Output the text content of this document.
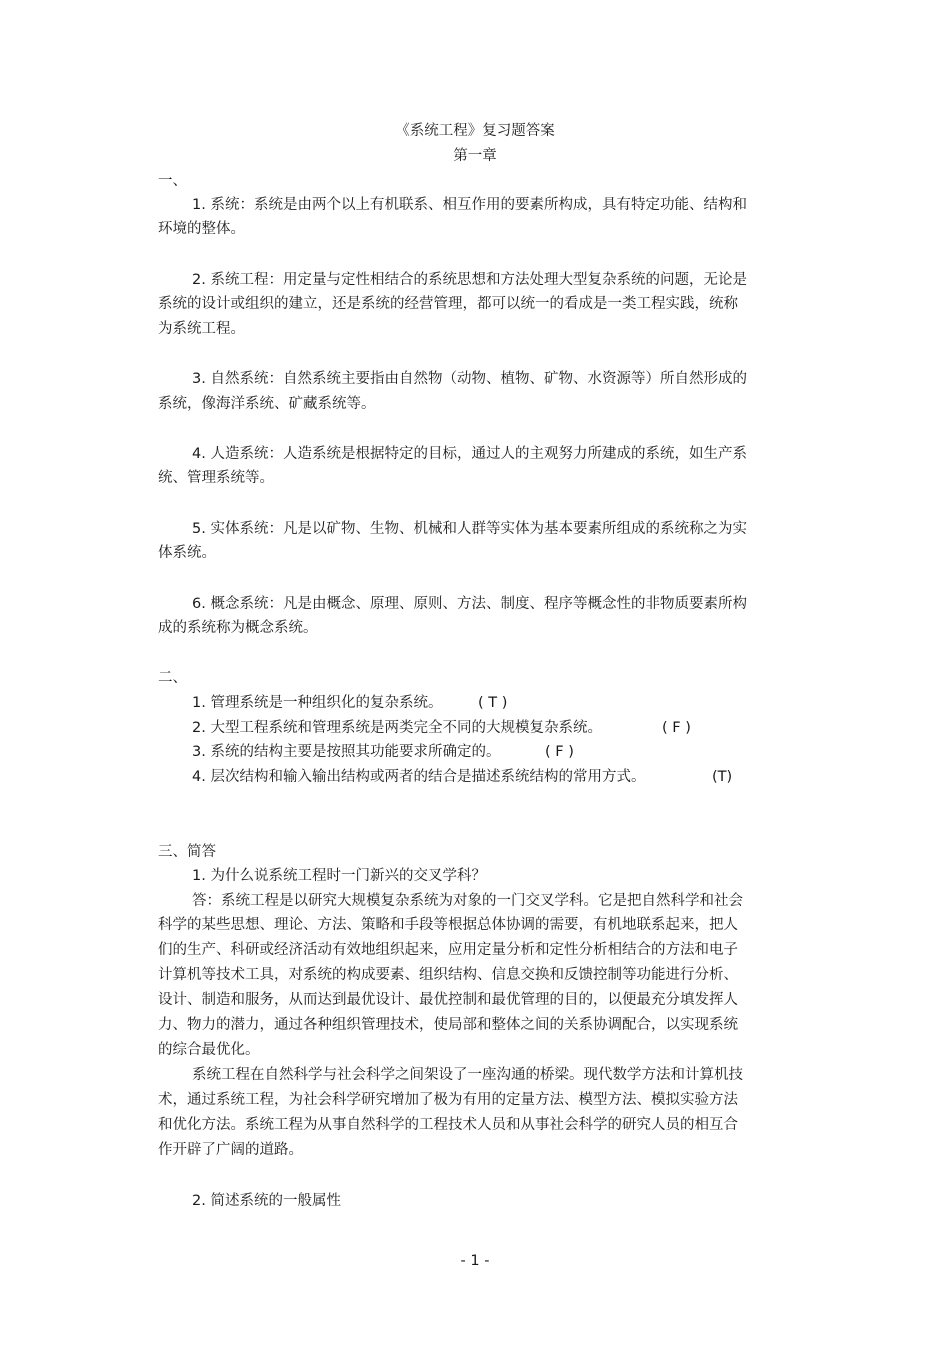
《系统工程》复习题答案
第一章
一、
1. 系统：系统是由两个以上有机联系、相互作用的要素所构成，具有特定功能、结构和
环境的整体。
2. 系统工程：用定量与定性相结合的系统思想和方法处理大型复杂系统的问题，无论是
系统的设计或组织的建立，还是系统的经营管理，都可以统一的看成是一类工程实践，统称
为系统工程。
3. 自然系统：自然系统主要指由自然物（动物、植物、矿物、水资源等）所自然形成的
系统，像海洋系统、矿藏系统等。
4. 人造系统：人造系统是根据特定的目标，通过人的主观努力所建成的系统，如生产系
统、管理系统等。
5. 实体系统：凡是以矿物、生物、机械和人群等实体为基本要素所组成的系统称之为实
体系统。
6. 概念系统：凡是由概念、原理、原则、方法、制度、程序等概念性的非物质要素所构
成的系统称为概念系统。
二、
1. 管理系统是一种组织化的复杂系统。 ( T )
2. 大型工程系统和管理系统是两类完全不同的大规模复杂系统。	( F )
3. 系统的结构主要是按照其功能要求所确定的。	( F )
4. 层次结构和输入输出结构或两者的结合是描述系统结构的常用方式。	(T)
三、简答
1. 为什么说系统工程时一门新兴的交叉学科？
答：系统工程是以研究大规模复杂系统为对象的一门交叉学科。它是把自然科学和社会
科学的某些思想、理论、方法、策略和手段等根据总体协调的需要，有机地联系起来，把人
们的生产、科研或经济活动有效地组织起来，应用定量分析和定性分析相结合的方法和电子
计算机等技术工具，对系统的构成要素、组织结构、信息交换和反馈控制等功能进行分析、
设计、制造和服务，从而达到最优设计、最优控制和最优管理的目的，以便最充分填发挥人
力、物力的潜力，通过各种组织管理技术，使局部和整体之间的关系协调配合，以实现系统
的综合最优化。
系统工程在自然科学与社会科学之间架设了一座沟通的桥梁。现代数学方法和计算机技
术，通过系统工程，为社会科学研究增加了极为有用的定量方法、模型方法、模拟实验方法
和优化方法。系统工程为从事自然科学的工程技术人员和从事社会科学的研究人员的相互合
作开辟了广阔的道路。
2. 简述系统的一般属性
- 1 -
